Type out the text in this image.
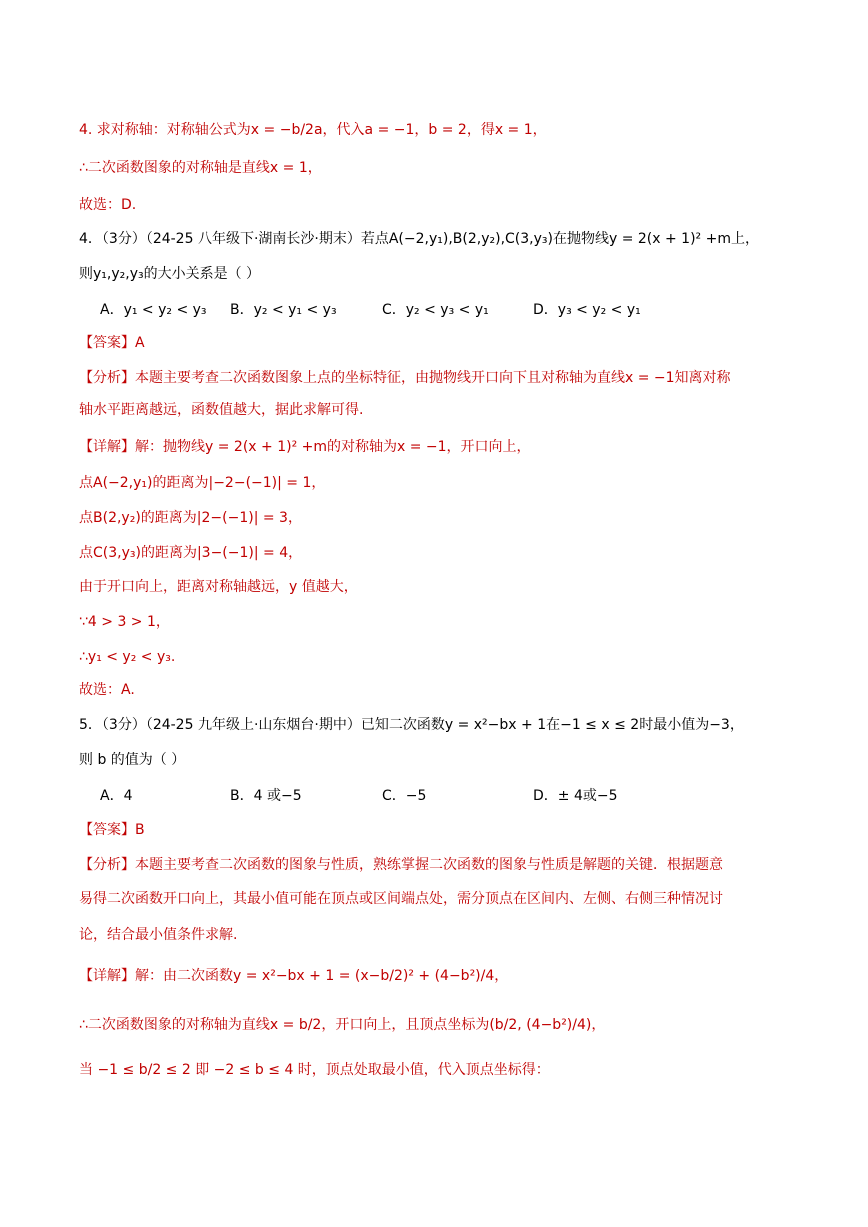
4. 求对称轴：对称轴公式为x = −b/2a，代入a = −1，b = 2，得x = 1，
∴二次函数图象的对称轴是直线x = 1，
故选：D.
4．（3分）（24-25 八年级下·湖南长沙·期末）若点A(−2,y₁),B(2,y₂),C(3,y₃)在抛物线y = 2(x + 1)² +m上，
则y₁,y₂,y₃的大小关系是（ ）
A．y₁ < y₂ < y₃ B．y₂ < y₁ < y₃	C．y₂ < y₃ < y₁	D．y₃ < y₂ < y₁
【答案】A
【分析】本题主要考查二次函数图象上点的坐标特征，由抛物线开口向下且对称轴为直线x = −1知离对称
轴水平距离越远，函数值越大，据此求解可得.
【详解】解：抛物线y = 2(x + 1)² +m的对称轴为x = −1，开口向上，
点A(−2,y₁)的距离为|−2−(−1)| = 1，
点B(2,y₂)的距离为|2−(−1)| = 3，
点C(3,y₃)的距离为|3−(−1)| = 4，
由于开口向上，距离对称轴越远，y 值越大，
∵4 > 3 > 1，
∴y₁ < y₂ < y₃.
故选：A.
5．（3分）（24-25 九年级上·山东烟台·期中）已知二次函数y = x²−bx + 1在−1 ≤ x ≤ 2时最小值为−3，
则 b 的值为（ ）
A．4	B．4 或−5	C．−5	D．± 4或−5
【答案】B
【分析】本题主要考查二次函数的图象与性质，熟练掌握二次函数的图象与性质是解题的关键．根据题意
易得二次函数开口向上，其最小值可能在顶点或区间端点处，需分顶点在区间内、左侧、右侧三种情况讨
论，结合最小值条件求解.
【详解】解：由二次函数y = x²−bx + 1 = (x−b/2)² + (4−b²)/4，
∴二次函数图象的对称轴为直线x = b/2，开口向上，且顶点坐标为(b/2, (4−b²)/4)，
当 −1 ≤ b/2 ≤ 2 即 −2 ≤ b ≤ 4 时，顶点处取最小值，代入顶点坐标得：
